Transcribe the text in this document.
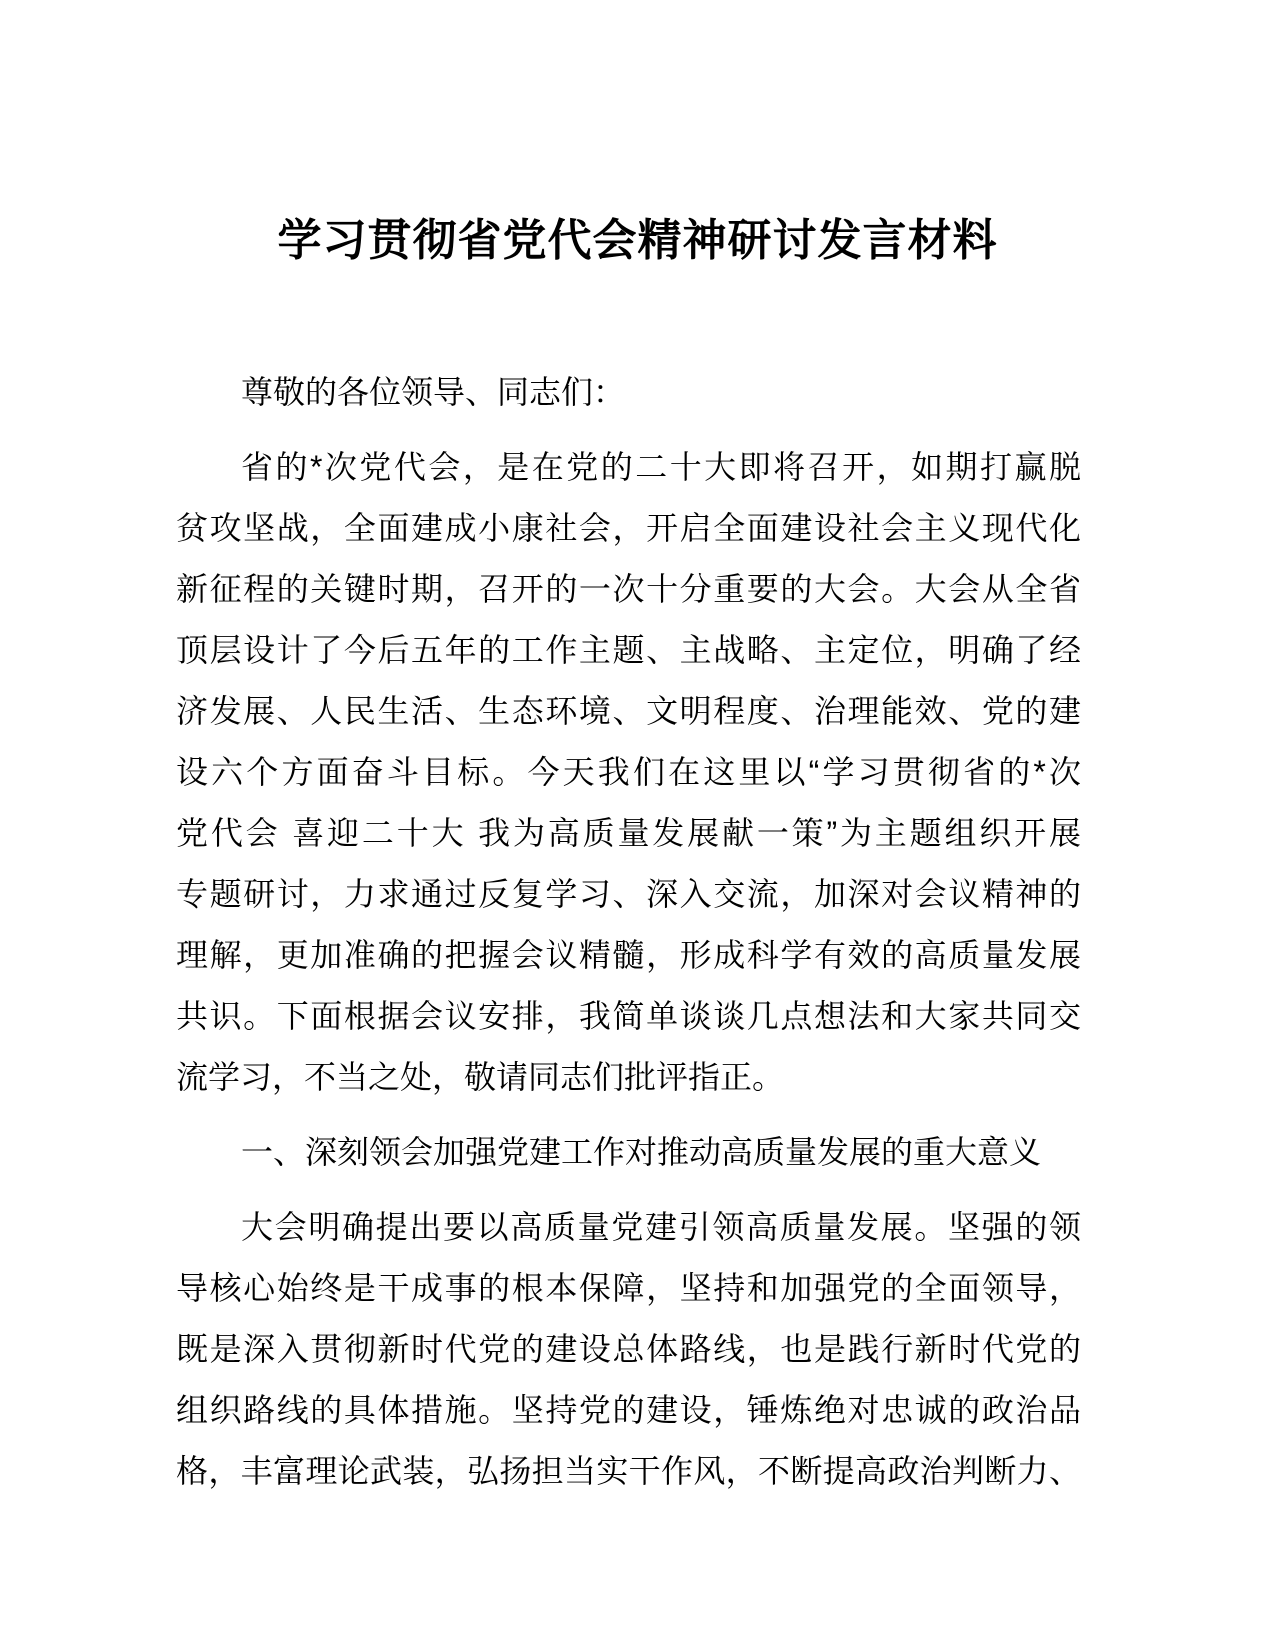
学习贯彻省党代会精神研讨发言材料
尊敬的各位领导、同志们：
省的*次党代会，是在党的二十大即将召开，如期打赢脱
贫攻坚战，全面建成小康社会，开启全面建设社会主义现代化
新征程的关键时期，召开的一次十分重要的大会。大会从全省
顶层设计了今后五年的工作主题、主战略、主定位，明确了经
济发展、人民生活、生态环境、文明程度、治理能效、党的建
设六个方面奋斗目标。今天我们在这里以“学习贯彻省的*次
党代会 喜迎二十大 我为高质量发展献一策”为主题组织开展
专题研讨，力求通过反复学习、深入交流，加深对会议精神的
理解，更加准确的把握会议精髓，形成科学有效的高质量发展
共识。下面根据会议安排，我简单谈谈几点想法和大家共同交
流学习，不当之处，敬请同志们批评指正。
一、深刻领会加强党建工作对推动高质量发展的重大意义
大会明确提出要以高质量党建引领高质量发展。坚强的领
导核心始终是干成事的根本保障，坚持和加强党的全面领导，
既是深入贯彻新时代党的建设总体路线，也是践行新时代党的
组织路线的具体措施。坚持党的建设，锤炼绝对忠诚的政治品
格，丰富理论武装，弘扬担当实干作风，不断提高政治判断力、
